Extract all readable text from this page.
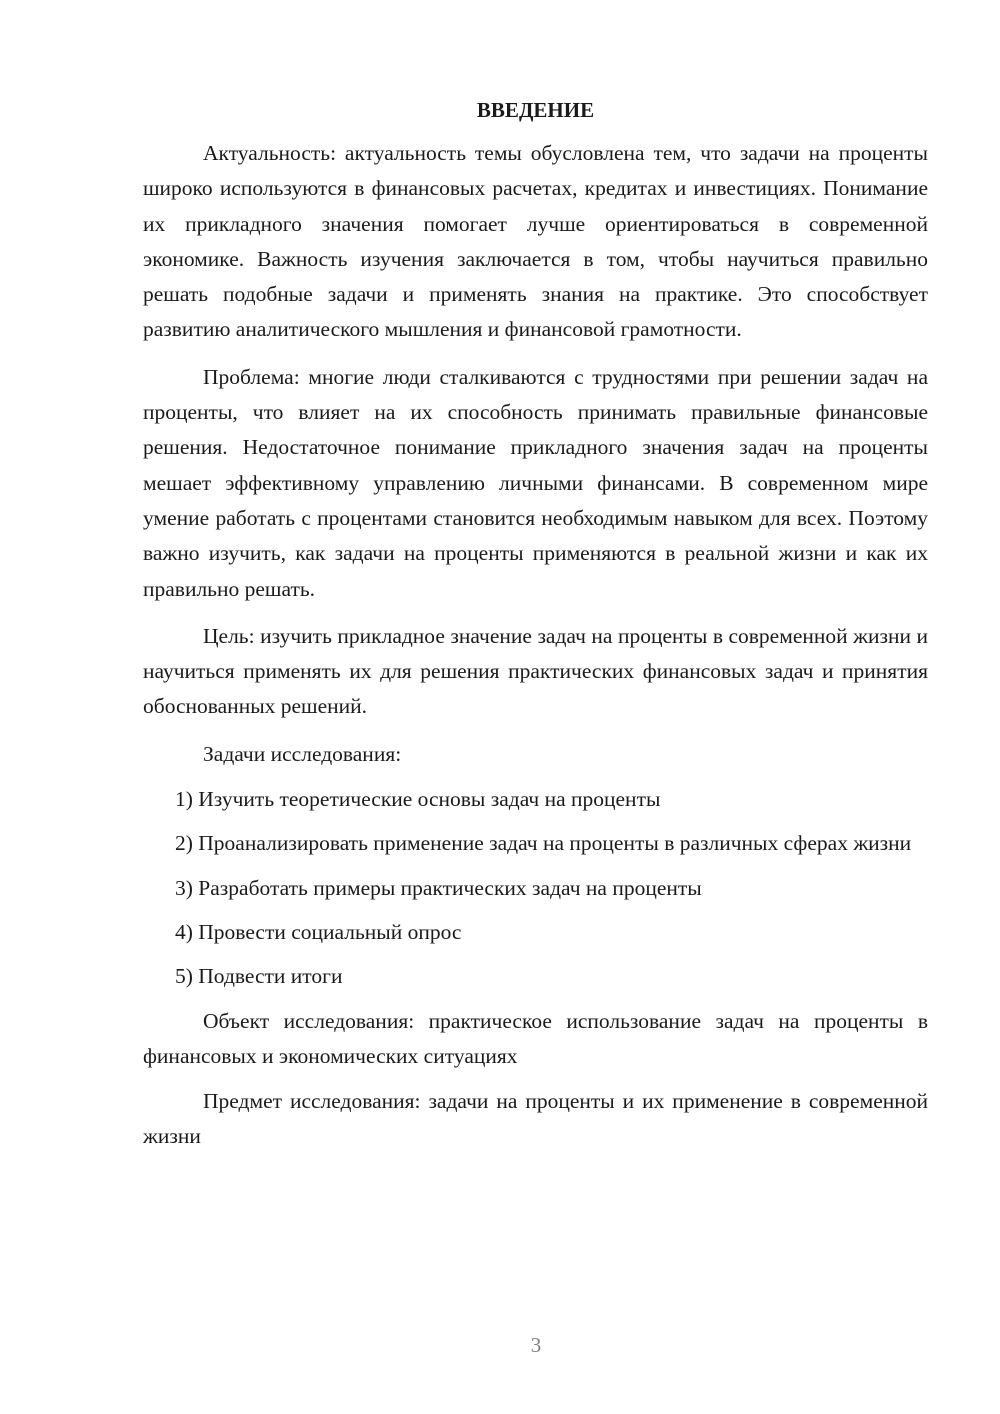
ВВЕДЕНИЕ

Актуальность: актуальность темы обусловлена тем, что задачи на проценты широко используются в финансовых расчетах, кредитах и инвестициях. Понимание их прикладного значения помогает лучше ориентироваться в современной экономике. Важность изучения заключается в том, чтобы научиться правильно решать подобные задачи и применять знания на практике. Это способствует развитию аналитического мышления и финансовой грамотности.

Проблема: многие люди сталкиваются с трудностями при решении задач на проценты, что влияет на их способность принимать правильные финансовые решения. Недостаточное понимание прикладного значения задач на проценты мешает эффективному управлению личными финансами. В современном мире умение работать с процентами становится необходимым навыком для всех. Поэтому важно изучить, как задачи на проценты применяются в реальной жизни и как их правильно решать.

Цель: изучить прикладное значение задач на проценты в современной жизни и научиться применять их для решения практических финансовых задач и принятия обоснованных решений.

Задачи исследования:

1) Изучить теоретические основы задач на проценты

2) Проанализировать применение задач на проценты в различных сферах жизни

3) Разработать примеры практических задач на проценты

4) Провести социальный опрос

5) Подвести итоги

Объект исследования: практическое использование задач на проценты в финансовых и экономических ситуациях

Предмет исследования: задачи на проценты и их применение в современной жизни

3
